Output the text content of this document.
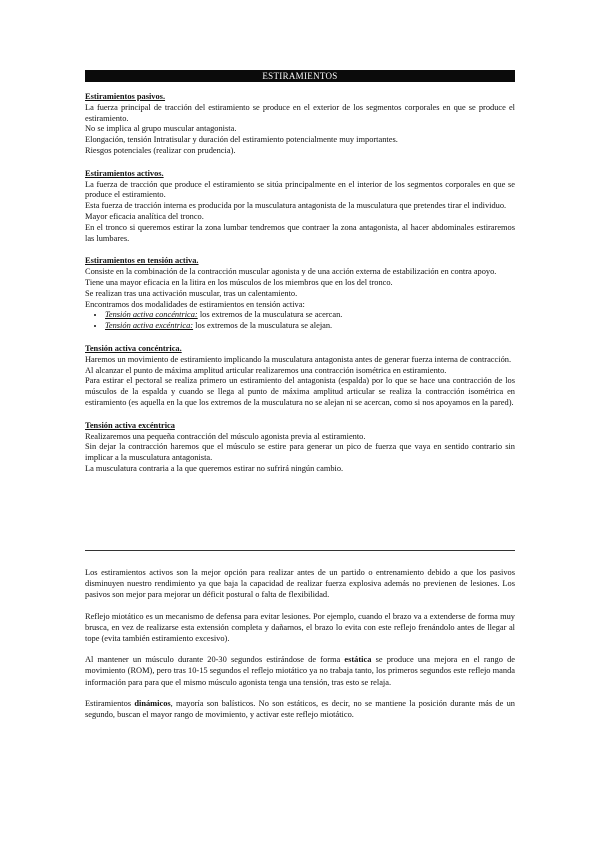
ESTIRAMIENTOS
Estiramientos pasivos.

La fuerza principal de tracción del estiramiento se produce en el exterior de los segmentos corporales en que se produce el estiramiento.

No se implica al grupo muscular antagonista.

Elongación, tensión Intratisular y duración del estiramiento potencialmente muy importantes.

Riesgos potenciales (realizar con prudencia).

Estiramientos activos.

La fuerza de tracción que produce el estiramiento se sitúa principalmente en el interior de los segmentos corporales en que se produce el estiramiento.

Esta fuerza de tracción interna es producida por la musculatura antagonista de la musculatura que pretendes tirar el individuo.

Mayor eficacia analítica del tronco.

En el tronco si queremos estirar la zona lumbar tendremos que contraer la zona antagonista, al hacer abdominales estiraremos las lumbares.

Estiramientos en tensión activa.

Consiste en la combinación de la contracción muscular agonista y de una acción externa de estabilización en contra apoyo.

Tiene una mayor eficacia en la litira en los músculos de los miembros que en los del tronco.

Se realizan tras una activación muscular, tras un calentamiento.

Encontramos dos modalidades de estiramientos en tensión activa:

• Tensión activa concéntrica: los extremos de la musculatura se acercan.
• Tensión activa excéntrica: los extremos de la musculatura se alejan.
Tensión activa concéntrica.

Haremos un movimiento de estiramiento implicando la musculatura antagonista antes de generar fuerza interna de contracción.

Al alcanzar el punto de máxima amplitud articular realizaremos una contracción isométrica en estiramiento.

Para estirar el pectoral se realiza primero un estiramiento del antagonista (espalda) por lo que se hace una contracción de los músculos de la espalda y cuando se llega al punto de máxima amplitud articular se realiza la contracción isométrica en estiramiento (es aquella en la que los extremos de la musculatura no se alejan ni se acercan, como si nos apoyamos en la pared).

Tensión activa excéntrica

Realizaremos una pequeña contracción del músculo agonista previa al estiramiento.

Sin dejar la contracción haremos que el músculo se estire para generar un pico de fuerza que vaya en sentido contrario sin implicar a la musculatura antagonista.

La musculatura contraria a la que queremos estirar no sufrirá ningún cambio.

Los estiramientos activos son la mejor opción para realizar antes de un partido o entrenamiento debido a que los pasivos disminuyen nuestro rendimiento ya que baja la capacidad de realizar fuerza explosiva además no previenen de lesiones. Los pasivos son mejor para mejorar un déficit postural o falta de flexibilidad.

Reflejo miotático es un mecanismo de defensa para evitar lesiones. Por ejemplo, cuando el brazo va a extenderse de forma muy brusca, en vez de realizarse esta extensión completa y dañarnos, el brazo lo evita con este reflejo frenándolo antes de llegar al tope (evita también estiramiento excesivo).

Al mantener un músculo durante 20-30 segundos estirándose de forma estática se produce una mejora en el rango de movimiento (ROM), pero tras 10-15 segundos el reflejo miotático ya no trabaja tanto, los primeros segundos este reflejo manda información para para que el mismo músculo agonista tenga una tensión, tras esto se relaja.

Estiramientos dinámicos, mayoría son balísticos. No son estáticos, es decir, no se mantiene la posición durante más de un segundo, buscan el mayor rango de movimiento, y activar este reflejo miotático.
